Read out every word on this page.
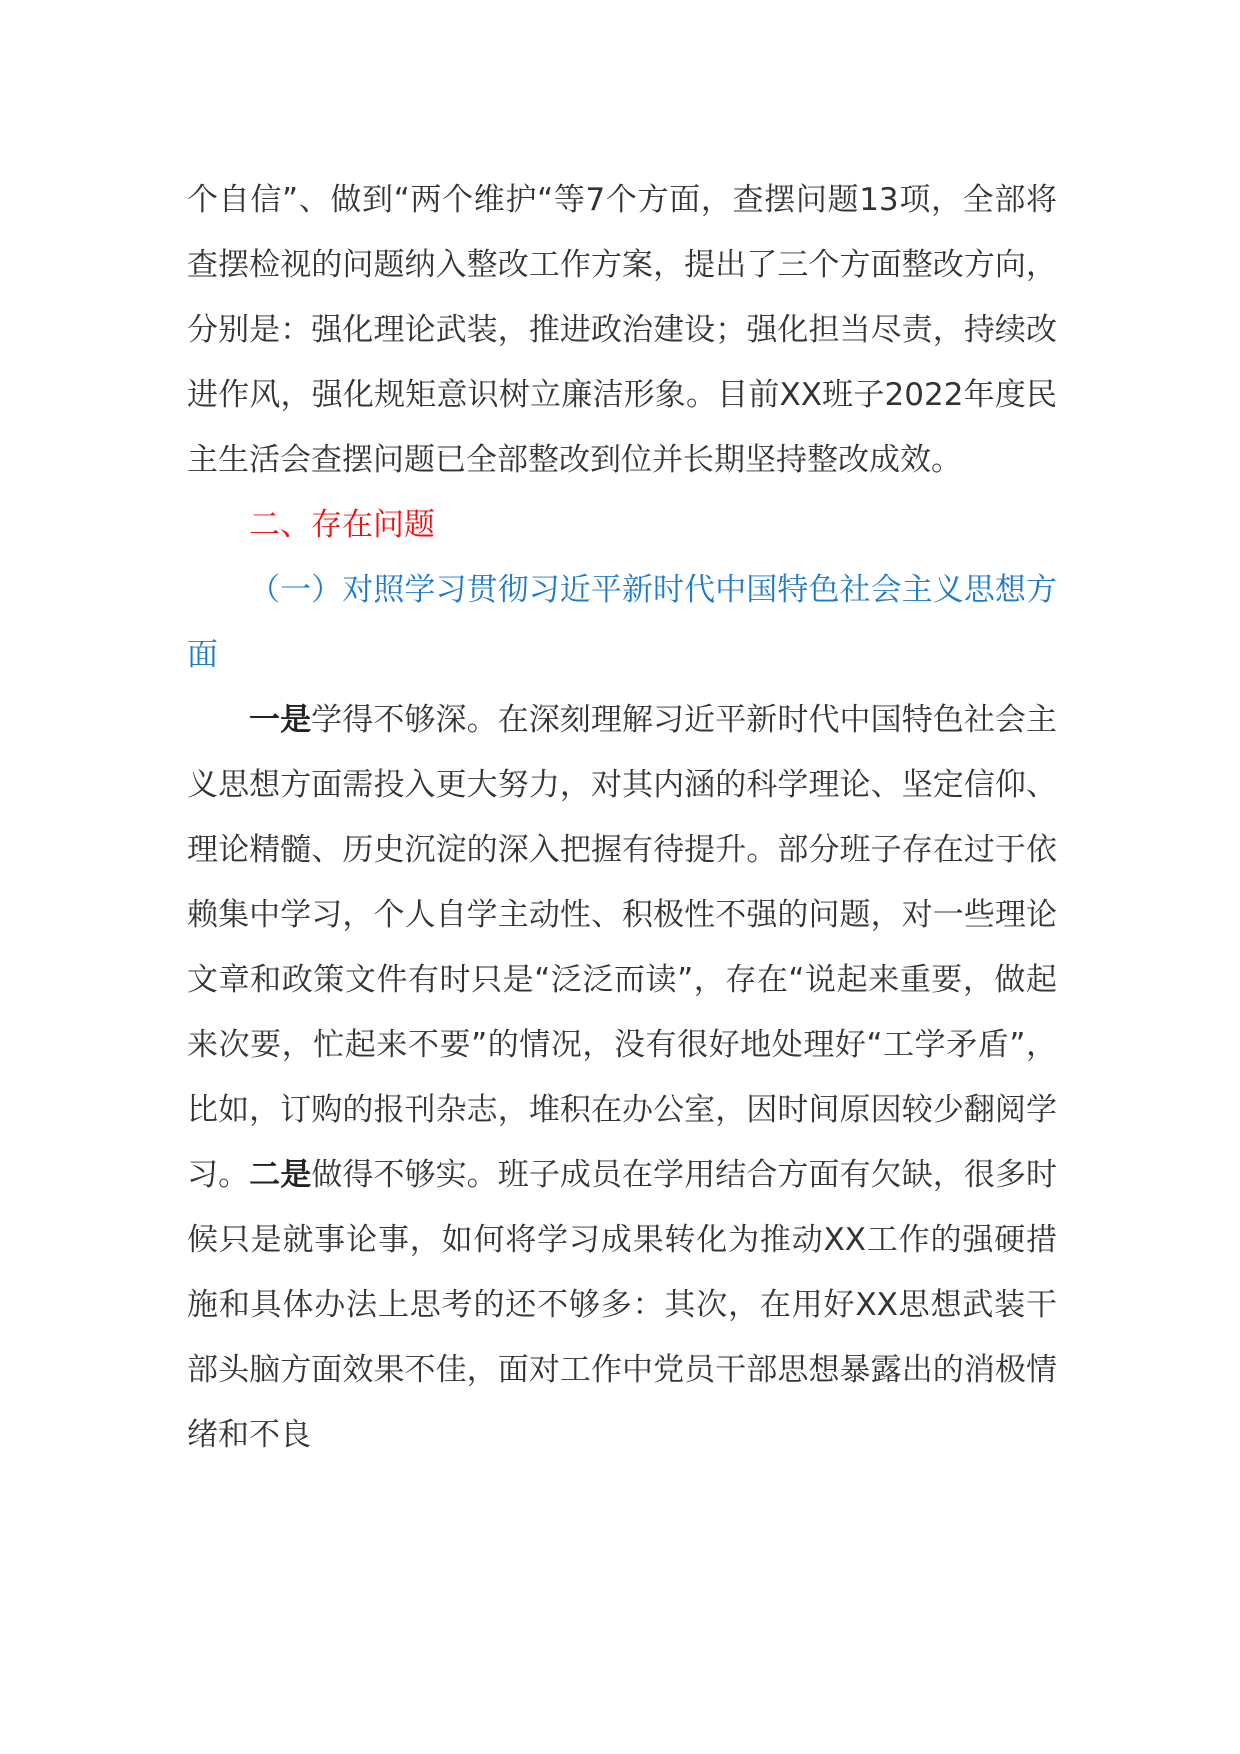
个自信”、做到“两个维护“等7个方面，查摆问题13项，全部将查摆检视的问题纳入整改工作方案，提出了三个方面整改方向，分别是：强化理论武装，推进政治建设；强化担当尽责，持续改进作风，强化规矩意识树立廉洁形象。目前XX班子2022年度民主生活会查摆问题已全部整改到位并长期坚持整改成效。

二、存在问题

（一）对照学习贯彻习近平新时代中国特色社会主义思想方面

一是学得不够深。在深刻理解习近平新时代中国特色社会主义思想方面需投入更大努力，对其内涵的科学理论、坚定信仰、理论精髓、历史沉淀的深入把握有待提升。部分班子存在过于依赖集中学习，个人自学主动性、积极性不强的问题，对一些理论文章和政策文件有时只是“泛泛而读”，存在“说起来重要，做起来次要，忙起来不要”的情况，没有很好地处理好“工学矛盾”，比如，订购的报刊杂志，堆积在办公室，因时间原因较少翻阅学习。二是做得不够实。班子成员在学用结合方面有欠缺，很多时候只是就事论事，如何将学习成果转化为推动XX工作的强硬措施和具体办法上思考的还不够多：其次，在用好XX思想武装干部头脑方面效果不佳，面对工作中党员干部思想暴露出的消极情绪和不良
